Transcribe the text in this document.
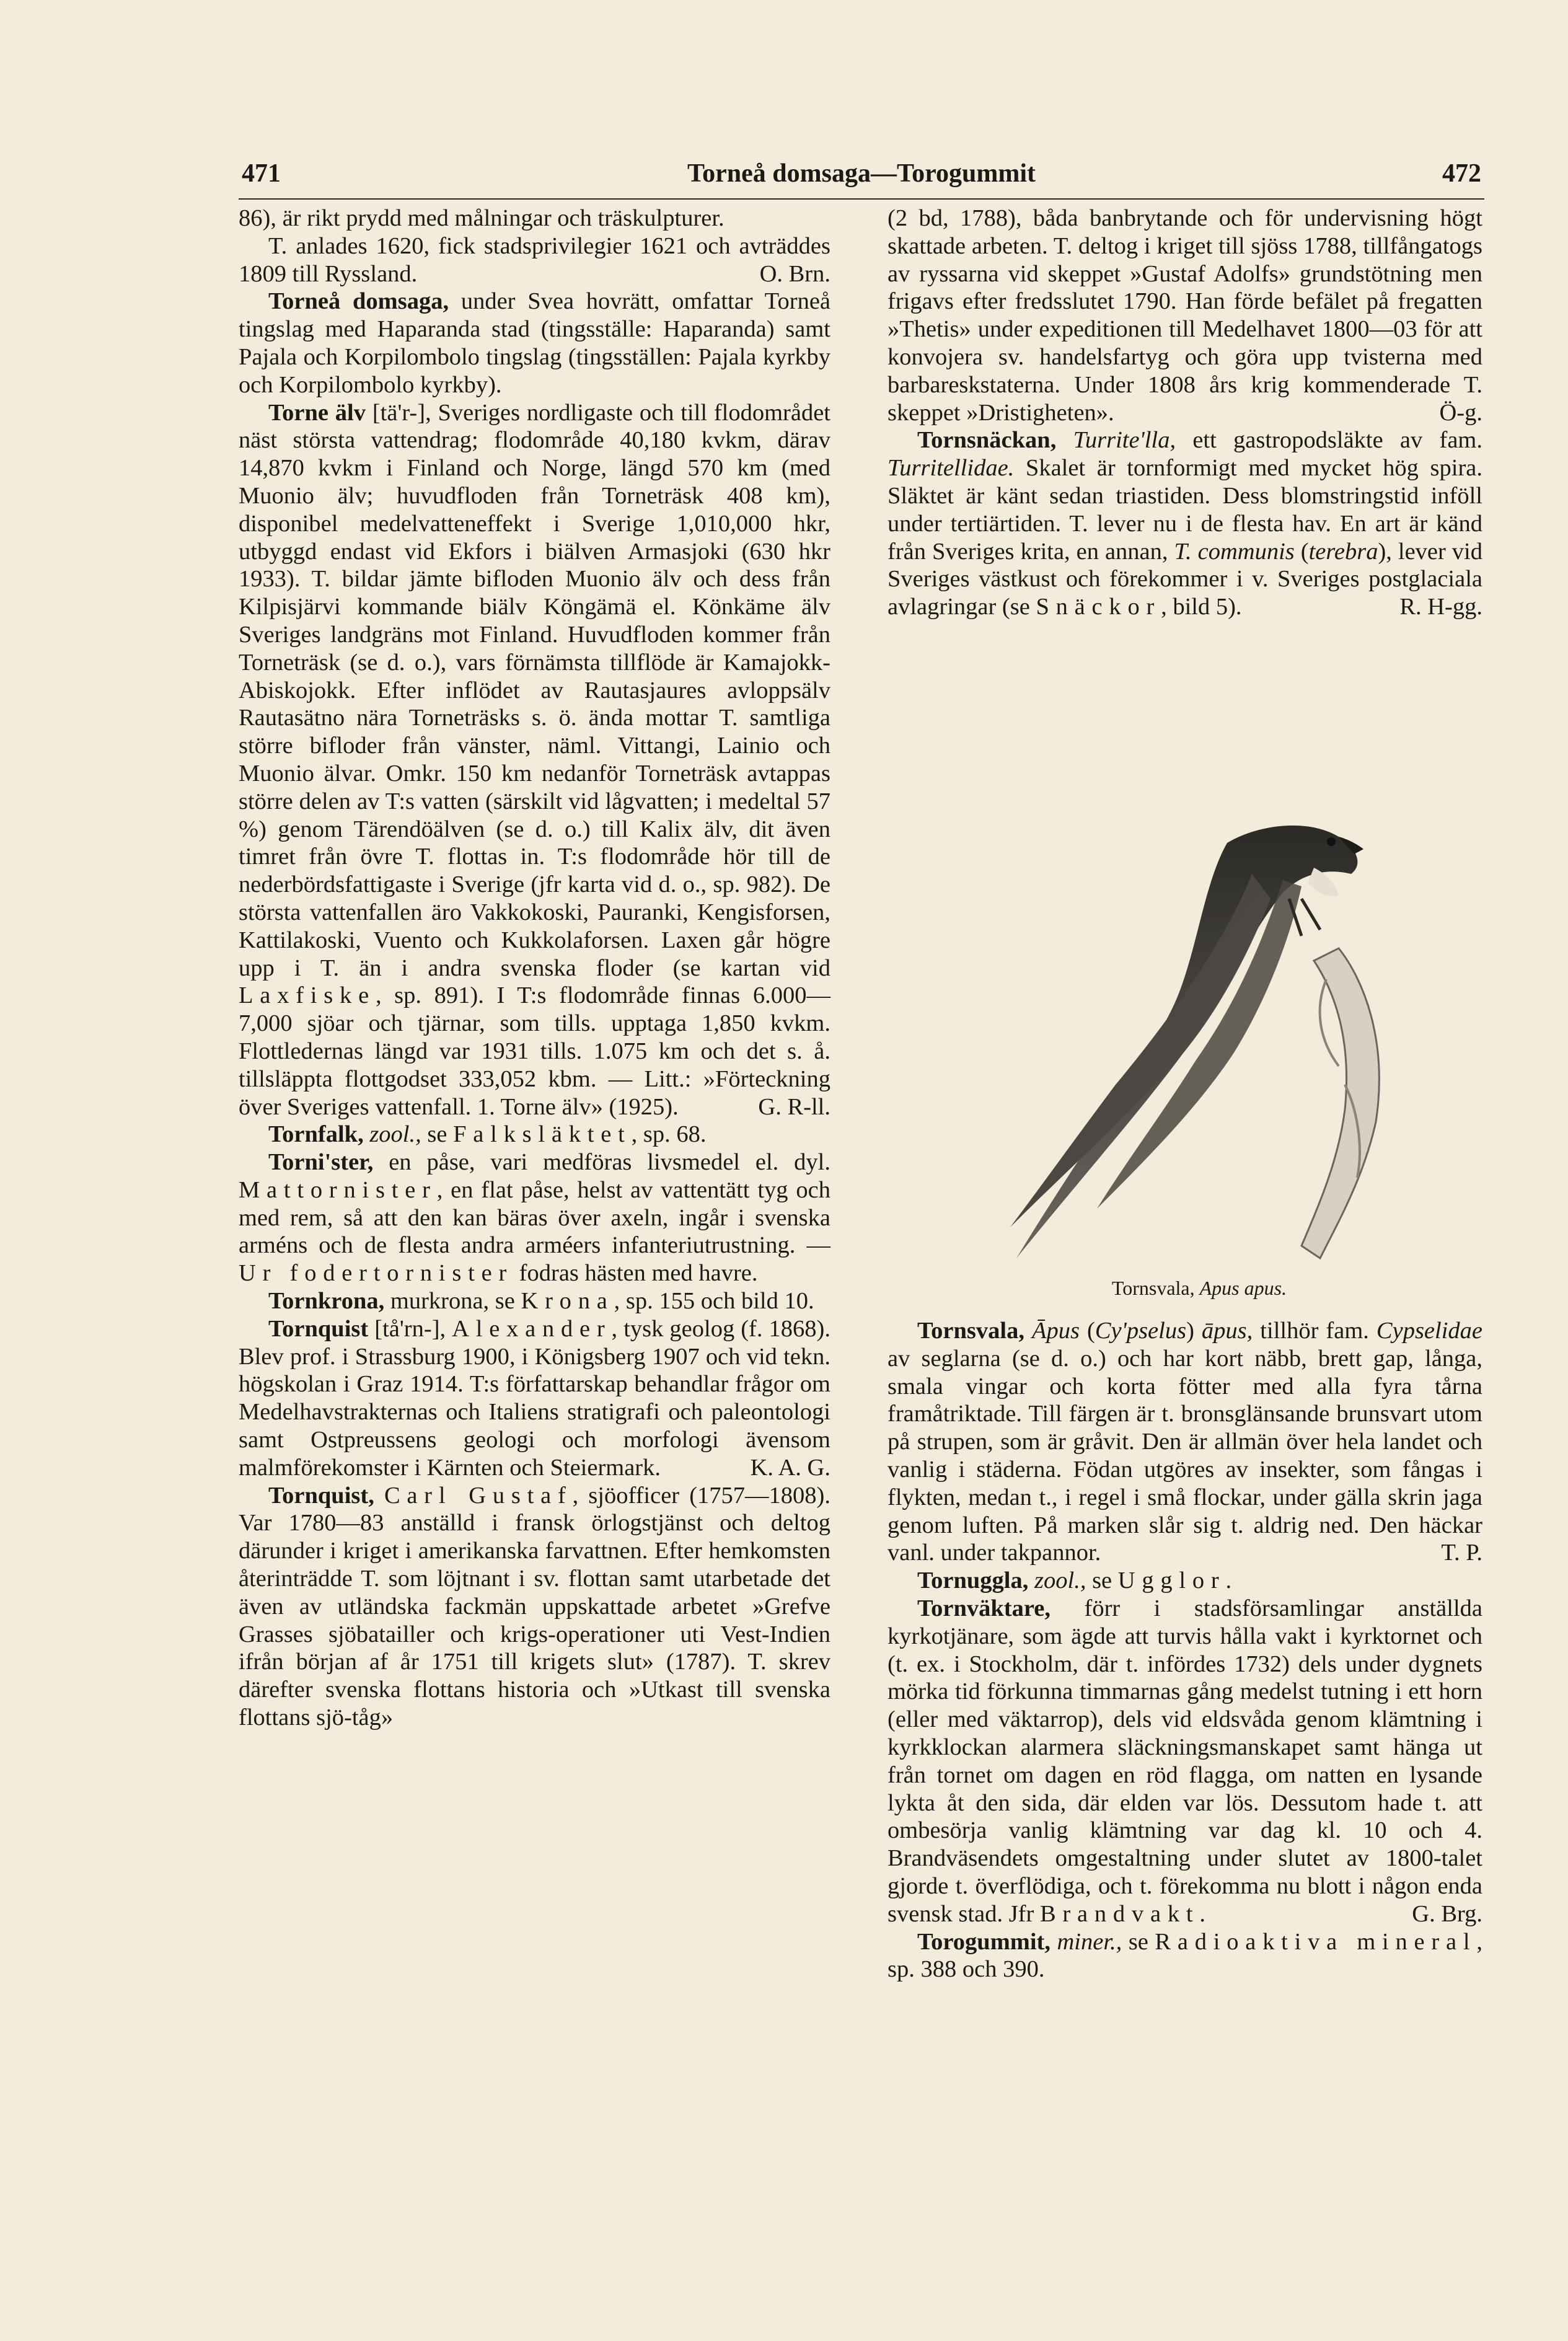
471	Torneå domsaga—Torogummit	472

86), är rikt prydd med målningar och träskulpturer.

T. anlades 1620, fick stadsprivilegier 1621 och avträddes 1809 till Ryssland.	O. Brn.

Torneå domsaga, under Svea hovrätt, omfattar Torneå tingslag med Haparanda stad (tingsställe: Haparanda) samt Pajala och Korpilombolo tingslag (tingsställen: Pajala kyrkby och Korpilombolo kyrkby).

Torne älv [tä'r-], Sveriges nordligaste och till flodområdet näst största vattendrag; flodområde 40,180 kvkm, därav 14,870 kvkm i Finland och Norge, längd 570 km (med Muonio älv; huvudfloden från Torneträsk 408 km), disponibel medelvatteneffekt i Sverige 1,010,000 hkr, utbyggd endast vid Ekfors i biälven Armasjoki (630 hkr 1933). T. bildar jämte bifloden Muonio älv och dess från Kilpisjärvi kommande biälv Köngämä el. Könkäme älv Sveriges landgräns mot Finland. Huvudfloden kommer från Torneträsk (se d. o.), vars förnämsta tillflöde är Kamajokk-Abiskojokk. Efter inflödet av Rautasjaures avloppsälv Rautasätno nära Torneträsks s. ö. ända mottar T. samtliga större bifloder från vänster, näml. Vittangi, Lainio och Muonio älvar. Omkr. 150 km nedanför Torneträsk avtappas större delen av T:s vatten (särskilt vid lågvatten; i medeltal 57 %) genom Tärendöälven (se d. o.) till Kalix älv, dit även timret från övre T. flottas in. T:s flodområde hör till de nederbördsfattigaste i Sverige (jfr karta vid d. o., sp. 982). De största vattenfallen äro Vakkokoski, Pauranki, Kengisforsen, Kattilakoski, Vuento och Kukkolaforsen. Laxen går högre upp i T. än i andra svenska floder (se kartan vid Laxfiske, sp. 891). I T:s flodområde finnas 6.000—7,000 sjöar och tjärnar, som tills. upptaga 1,850 kvkm. Flottledernas längd var 1931 tills. 1.075 km och det s. å. tillsläppta flottgodset 333,052 kbm. — Litt.: »Förteckning över Sveriges vattenfall. 1. Torne älv» (1925).	G. R-ll.

Tornfalk, zool., se Falksläktet, sp. 68.

Torni'ster, en påse, vari medföras livsmedel el. dyl. Mattornister, en flat påse, helst av vattentätt tyg och med rem, så att den kan bäras över axeln, ingår i svenska arméns och de flesta andra arméers infanteriutrustning. — Ur fodertornister fodras hästen med havre.

Tornkrona, murkrona, se Krona, sp. 155 och bild 10.

Tornquist [tå'rn-], Alexander, tysk geolog (f. 1868). Blev prof. i Strassburg 1900, i Königsberg 1907 och vid tekn. högskolan i Graz 1914. T:s författarskap behandlar frågor om Medelhavstrakternas och Italiens stratigrafi och paleontologi samt Ostpreussens geologi och morfologi ävensom malmförekomster i Kärnten och Steiermark.	K. A. G.

Tornquist, Carl Gustaf, sjöofficer (1757—1808). Var 1780—83 anställd i fransk örlogstjänst och deltog därunder i kriget i amerikanska farvattnen. Efter hemkomsten återinträdde T. som löjtnant i sv. flottan samt utarbetade det även av utländska fackmän uppskattade arbetet »Grefve Grasses sjöbatailler och krigs-operationer uti Vest-Indien ifrån början af år 1751 till krigets slut» (1787). T. skrev därefter svenska flottans historia och »Utkast till svenska flottans sjö-tåg»

(2 bd, 1788), båda banbrytande och för undervisning högt skattade arbeten. T. deltog i kriget till sjöss 1788, tillfångatogs av ryssarna vid skeppet »Gustaf Adolfs» grundstötning men frigavs efter fredsslutet 1790. Han förde befälet på fregatten »Thetis» under expeditionen till Medelhavet 1800—03 för att konvojera sv. handelsfartyg och göra upp tvisterna med barbareskstaterna. Under 1808 års krig kommenderade T. skeppet »Dristigheten».	Ö-g.

Tornsnäckan, Turrite'lla, ett gastropodsläkte av fam. Turritellidae. Skalet är tornformigt med mycket hög spira. Släktet är känt sedan triastiden. Dess blomstringstid inföll under tertiärtiden. T. lever nu i de flesta hav. En art är känd från Sveriges krita, en annan, T. communis (terebra), lever vid Sveriges västkust och förekommer i v. Sveriges postglaciala avlagringar (se Snäckor, bild 5).	R. H-gg.

Tornsvala, Apus apus.

Tornsvala, Āpus (Cy'pselus) āpus, tillhör fam. Cypselidae av seglarna (se d. o.) och har kort näbb, brett gap, långa, smala vingar och korta fötter med alla fyra tårna framåtriktade. Till färgen är t. bronsglänsande brunsvart utom på strupen, som är gråvit. Den är allmän över hela landet och vanlig i städerna. Födan utgöres av insekter, som fångas i flykten, medan t., i regel i små flockar, under gälla skrin jaga genom luften. På marken slår sig t. aldrig ned. Den häckar vanl. under takpannor.	T. P.

Tornuggla, zool., se Ugglor.

Tornväktare, förr i stadsförsamlingar anställda kyrkotjänare, som ägde att turvis hålla vakt i kyrktornet och (t. ex. i Stockholm, där t. infördes 1732) dels under dygnets mörka tid förkunna timmarnas gång medelst tutning i ett horn (eller med väktarrop), dels vid eldsvåda genom klämtning i kyrkklockan alarmera släckningsmanskapet samt hänga ut från tornet om dagen en röd flagga, om natten en lysande lykta åt den sida, där elden var lös. Dessutom hade t. att ombesörja vanlig klämtning var dag kl. 10 och 4. Brandväsendets omgestaltning under slutet av 1800-talet gjorde t. överflödiga, och t. förekomma nu blott i någon enda svensk stad. Jfr Brandvakt.	G. Brg.

Torogummit, miner., se Radioaktiva mineral, sp. 388 och 390.
